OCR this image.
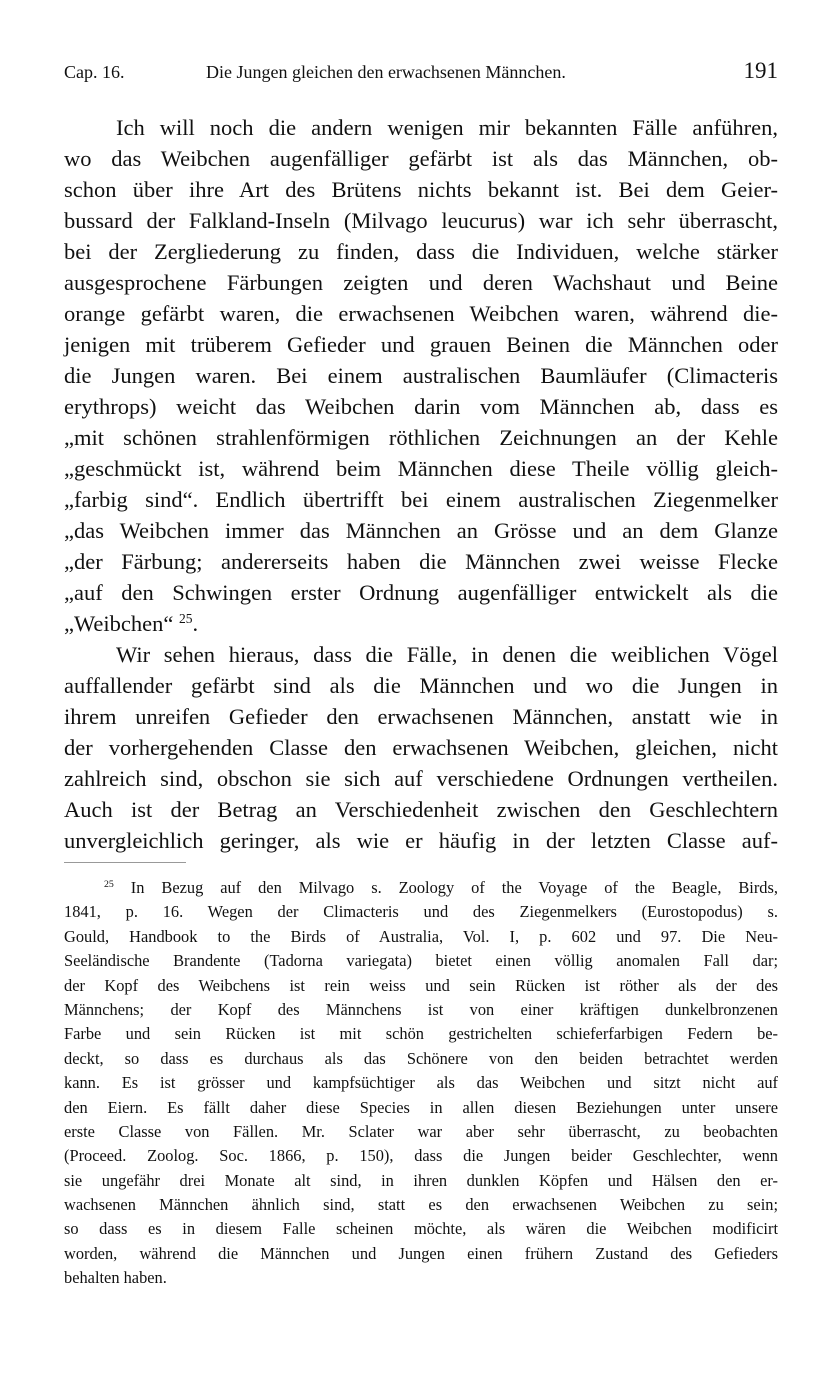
Cap. 16.	Die Jungen gleichen den erwachsenen Männchen.	191
Ich will noch die andern wenigen mir bekannten Fälle anführen,
wo das Weibchen augenfälliger gefärbt ist als das Männchen, ob-
schon über ihre Art des Brütens nichts bekannt ist. Bei dem Geier-
bussard der Falkland-Inseln (Milvago leucurus) war ich sehr überrascht,
bei der Zergliederung zu finden, dass die Individuen, welche stärker
ausgesprochene Färbungen zeigten und deren Wachshaut und Beine
orange gefärbt waren, die erwachsenen Weibchen waren, während die-
jenigen mit trüberem Gefieder und grauen Beinen die Männchen oder
die Jungen waren. Bei einem australischen Baumläufer (Climacteris
erythrops) weicht das Weibchen darin vom Männchen ab, dass es
„mit schönen strahlenförmigen röthlichen Zeichnungen an der Kehle
„geschmückt ist, während beim Männchen diese Theile völlig gleich-
„farbig sind“. Endlich übertrifft bei einem australischen Ziegenmelker
„das Weibchen immer das Männchen an Grösse und an dem Glanze
„der Färbung; andererseits haben die Männchen zwei weisse Flecke
„auf den Schwingen erster Ordnung augenfälliger entwickelt als die
„Weibchen“ $^{25}$.
Wir sehen hieraus, dass die Fälle, in denen die weiblichen Vögel
auffallender gefärbt sind als die Männchen und wo die Jungen in
ihrem unreifen Gefieder den erwachsenen Männchen, anstatt wie in
der vorhergehenden Classe den erwachsenen Weibchen, gleichen, nicht
zahlreich sind, obschon sie sich auf verschiedene Ordnungen vertheilen.
Auch ist der Betrag an Verschiedenheit zwischen den Geschlechtern
unvergleichlich geringer, als wie er häufig in der letzten Classe auf-
$^{25}$ In Bezug auf den Milvago s. Zoology of the Voyage of the Beagle, Birds,
1841, p. 16. Wegen der Climacteris und des Ziegenmelkers (Eurostopodus) s.
Gould, Handbook to the Birds of Australia, Vol. I, p. 602 und 97. Die Neu-
Seeländische Brandente (Tadorna variegata) bietet einen völlig anomalen Fall dar;
der Kopf des Weibchens ist rein weiss und sein Rücken ist röther als der des
Männchens; der Kopf des Männchens ist von einer kräftigen dunkelbronzenen
Farbe und sein Rücken ist mit schön gestrichelten schieferfarbigen Federn be-
deckt, so dass es durchaus als das Schönere von den beiden betrachtet werden
kann. Es ist grösser und kampfsüchtiger als das Weibchen und sitzt nicht auf
den Eiern. Es fällt daher diese Species in allen diesen Beziehungen unter unsere
erste Classe von Fällen. Mr. Sclater war aber sehr überrascht, zu beobachten
(Proceed. Zoolog. Soc. 1866, p. 150), dass die Jungen beider Geschlechter, wenn
sie ungefähr drei Monate alt sind, in ihren dunklen Köpfen und Hälsen den er-
wachsenen Männchen ähnlich sind, statt es den erwachsenen Weibchen zu sein;
so dass es in diesem Falle scheinen möchte, als wären die Weibchen modificirt
worden, während die Männchen und Jungen einen frühern Zustand des Gefieders
behalten haben.
